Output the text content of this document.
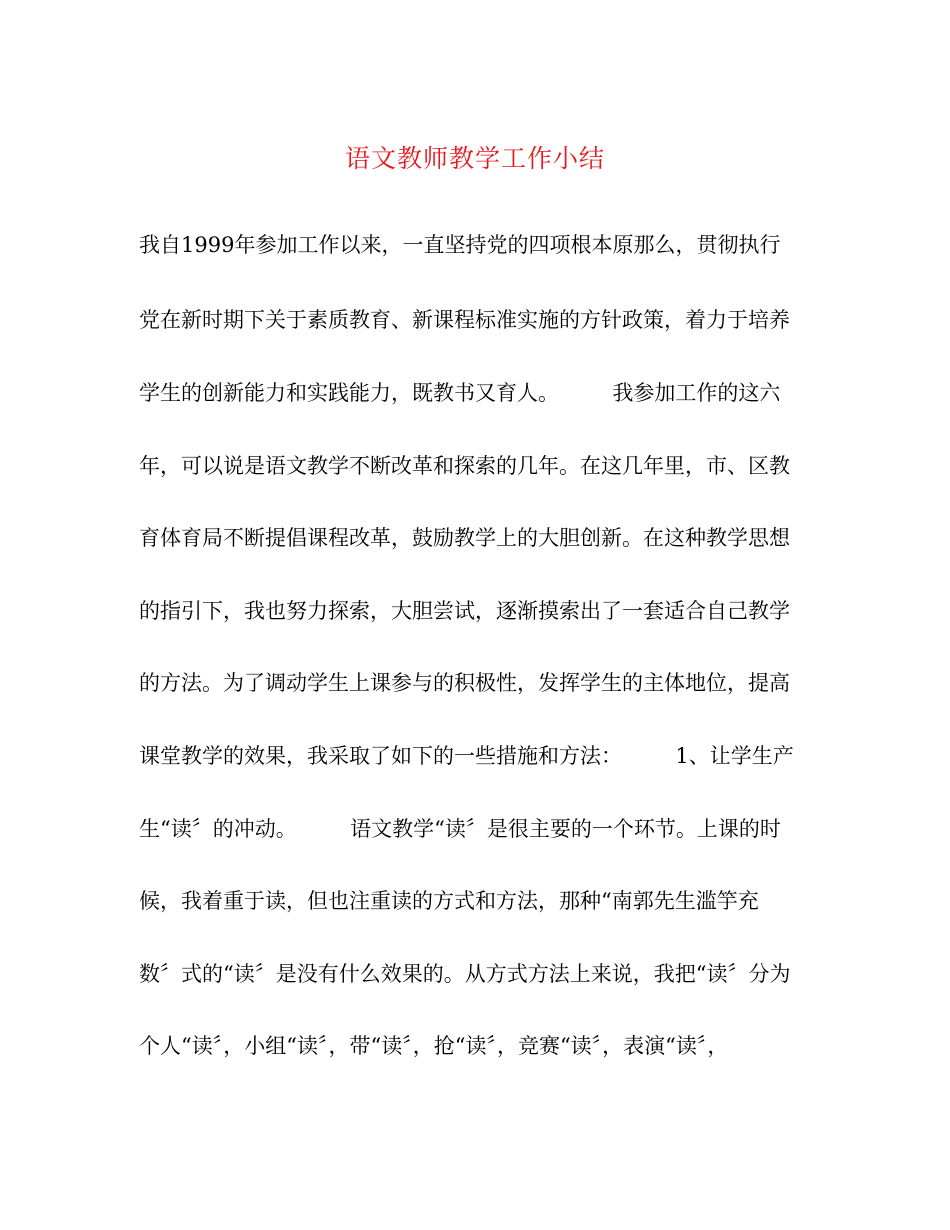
语文教师教学工作小结
我自1999年参加工作以来，一直坚持党的四项根本原那么，贯彻执行
党在新时期下关于素质教育、新课程标准实施的方针政策，着力于培养
学生的创新能力和实践能力，既教书又育人。        我参加工作的这六
年，可以说是语文教学不断改革和探索的几年。在这几年里，市、区教
育体育局不断提倡课程改革，鼓励教学上的大胆创新。在这种教学思想
的指引下，我也努力探索，大胆尝试，逐渐摸索出了一套适合自己教学
的方法。为了调动学生上课参与的积极性，发挥学生的主体地位，提高
课堂教学的效果，我采取了如下的一些措施和方法：        1、让学生产
生“读〞的冲动。        语文教学“读〞是很主要的一个环节。上课的时
候，我着重于读，但也注重读的方式和方法，那种“南郭先生滥竽充
数〞式的“读〞是没有什么效果的。从方式方法上来说，我把“读〞分为
个人“读〞，小组“读〞，带“读〞，抢“读〞，竞赛“读〞，表演“读〞，
